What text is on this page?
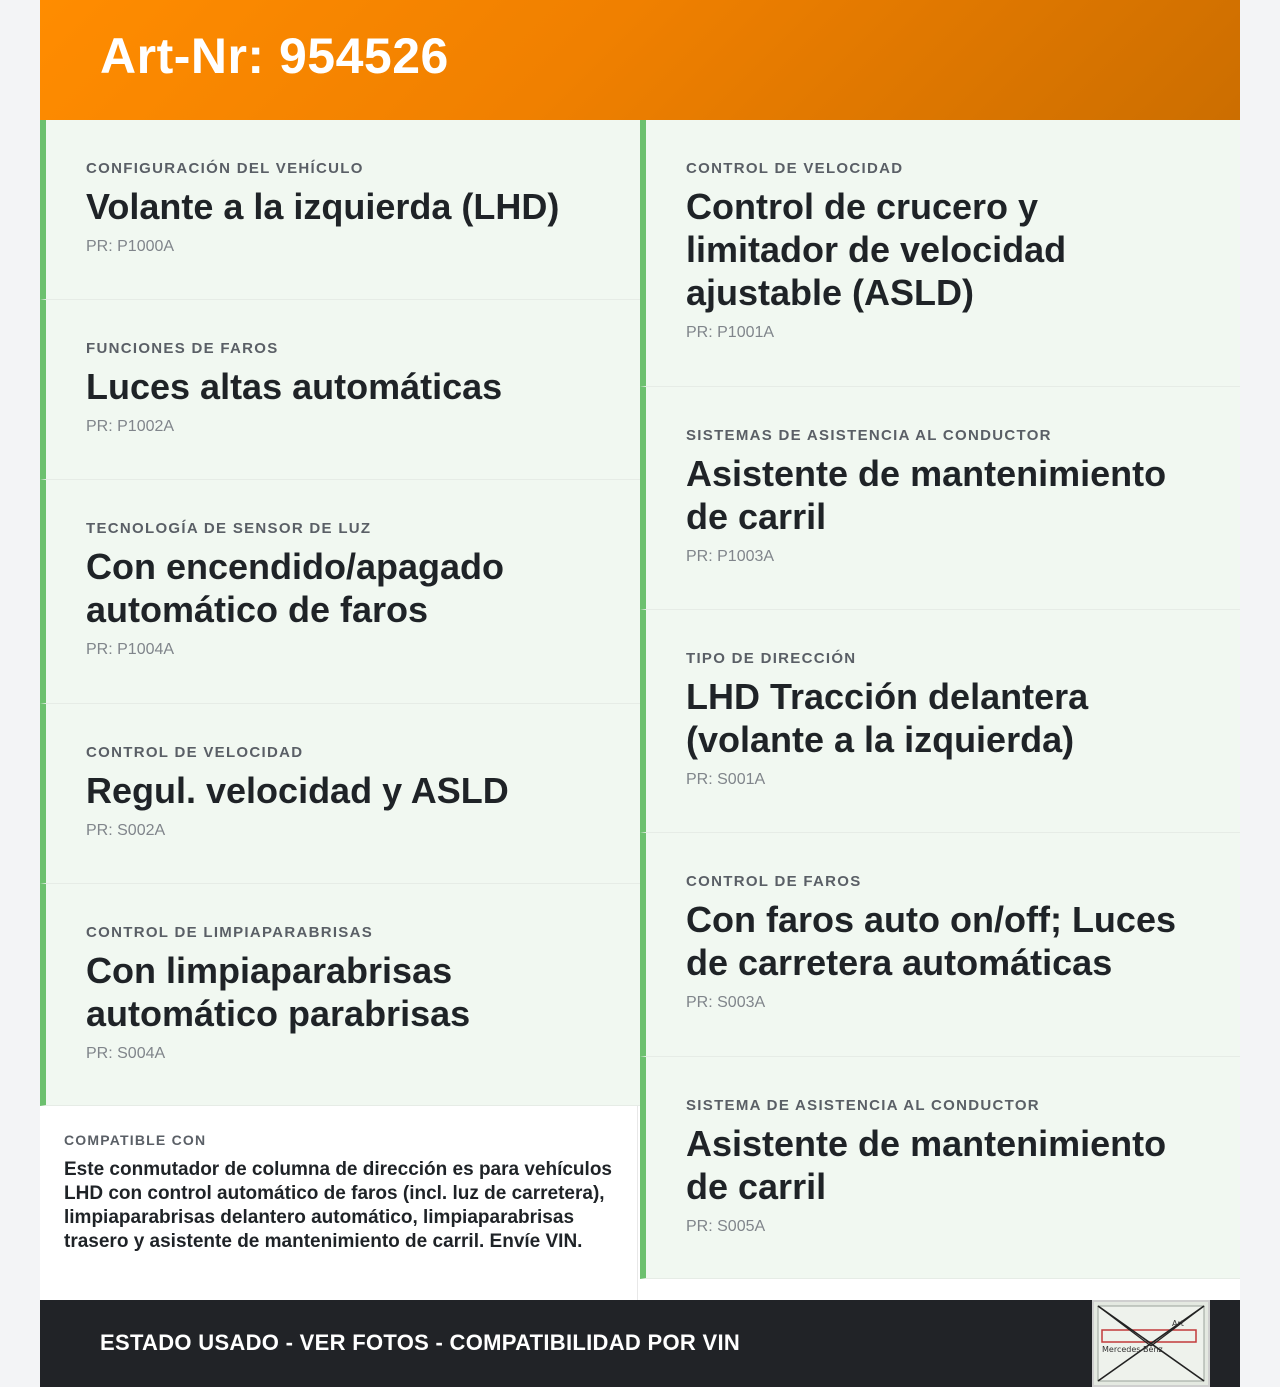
Art-Nr: 954526
CONFIGURACIÓN DEL VEHÍCULO
Volante a la izquierda (LHD)
PR: P1000A
FUNCIONES DE FAROS
Luces altas automáticas
PR: P1002A
TECNOLOGÍA DE SENSOR DE LUZ
Con encendido/apagado automático de faros
PR: P1004A
CONTROL DE VELOCIDAD
Regul. velocidad y ASLD
PR: S002A
CONTROL DE LIMPIAPARABRISAS
Con limpiaparabrisas automático parabrisas
PR: S004A
COMPATIBLE CON
Este conmutador de columna de dirección es para vehículos LHD con control automático de faros (incl. luz de carretera), limpiaparabrisas delantero automático, limpiaparabrisas trasero y asistente de mantenimiento de carril. Envíe VIN.
CONTROL DE VELOCIDAD
Control de crucero y limitador de velocidad ajustable (ASLD)
PR: P1001A
SISTEMAS DE ASISTENCIA AL CONDUCTOR
Asistente de mantenimiento de carril
PR: P1003A
TIPO DE DIRECCIÓN
LHD Tracción delantera (volante a la izquierda)
PR: S001A
CONTROL DE FAROS
Con faros auto on/off; Luces de carretera automáticas
PR: S003A
SISTEMA DE ASISTENCIA AL CONDUCTOR
Asistente de mantenimiento de carril
PR: S005A
ESTADO USADO - VER FOTOS - COMPATIBILIDAD POR VIN
Art
Mercedes-Benz
